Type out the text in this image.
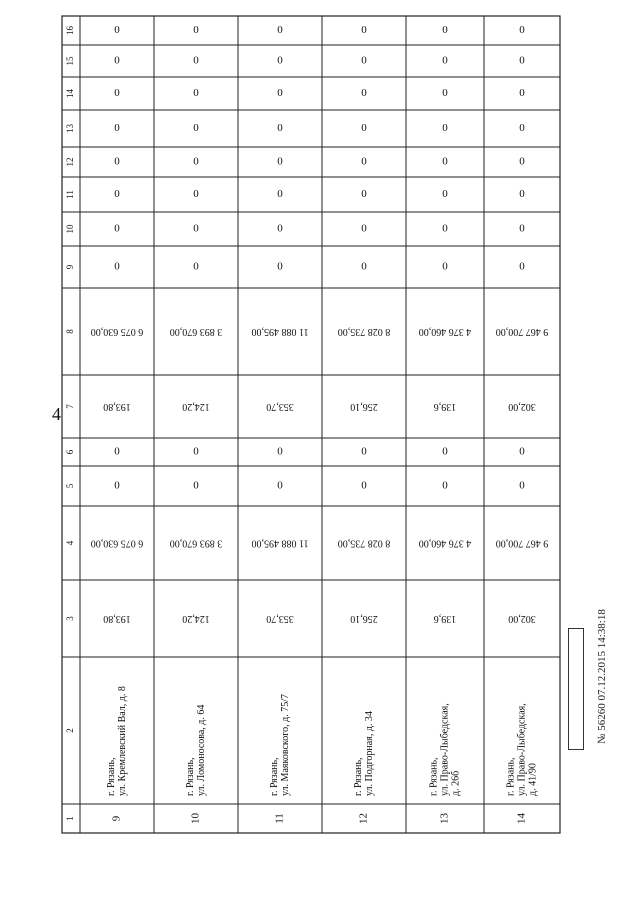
4
16
15
14
13
12
11
10
9
8
7
6
5
4
3
2
1
0
0
0
0
0
0
0
0
6 075 630,00
193,80
0
0
6 075 630,00
193,80
г. Рязань, ул. Кремлевский Вал, д. 8
9
0
0
0
0
0
0
0
0
3 893 670,00
124,20
0
0
3 893 670,00
124,20
г. Рязань, ул. Ломоносова, д. 64
10
0
0
0
0
0
0
0
0
11 088 495,00
353,70
0
0
11 088 495,00
353,70
г. Рязань, ул. Маяковского, д. 75/7
11
0
0
0
0
0
0
0
0
8 028 735,00
256,10
0
0
8 028 735,00
256,10
г. Рязань, ул. Подгорная, д. 34
12
0
0
0
0
0
0
0
0
4 376 460,00
139,6
0
0
4 376 460,00
139,6
г. Рязань, ул. Право-Лыбедская, д. 26б
13
0
0
0
0
0
0
0
0
9 467 700,00
302,00
0
0
9 467 700,00
302,00
г. Рязань, ул. Право-Лыбедская, д. 41/90
14
№ 56260 07.12.2015 14:38:18
